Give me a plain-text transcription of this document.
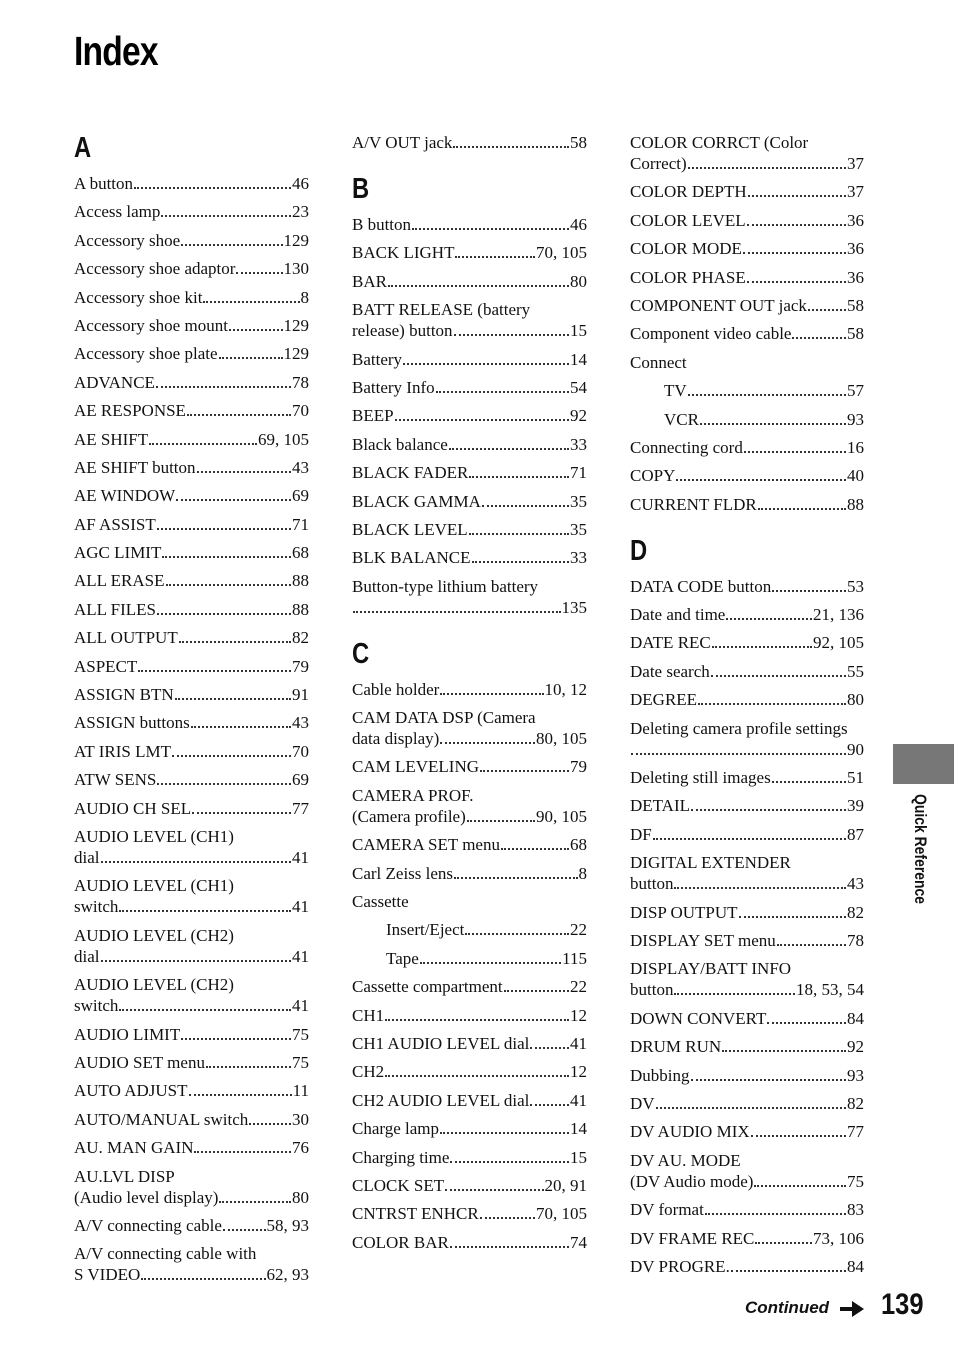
Index
A
A button	46
Access lamp	23
Accessory shoe	129
Accessory shoe adaptor	130
Accessory shoe kit	8
Accessory shoe mount	129
Accessory shoe plate	129
ADVANCE	78
AE RESPONSE	70
AE SHIFT	69, 105
AE SHIFT button	43
AE WINDOW	69
AF ASSIST	71
AGC LIMIT	68
ALL ERASE	88
ALL FILES	88
ALL OUTPUT	82
ASPECT	79
ASSIGN BTN	91
ASSIGN buttons	43
AT IRIS LMT	70
ATW SENS	69
AUDIO CH SEL	77
AUDIO LEVEL (CH1)
dial	41
AUDIO LEVEL (CH1)
switch	41
AUDIO LEVEL (CH2)
dial	41
AUDIO LEVEL (CH2)
switch	41
AUDIO LIMIT	75
AUDIO SET menu	75
AUTO ADJUST	11
AUTO/MANUAL switch	30
AU. MAN GAIN	76
AU.LVL DISP
(Audio level display)	80
A/V connecting cable	58, 93
A/V connecting cable with
S VIDEO	62, 93
A/V OUT jack	58
B
B button	46
BACK LIGHT	70, 105
BAR	80
BATT RELEASE (battery
release) button	15
Battery	14
Battery Info	54
BEEP	92
Black balance	33
BLACK FADER	71
BLACK GAMMA	35
BLACK LEVEL	35
BLK BALANCE	33
Button-type lithium battery
135
C
Cable holder	10, 12
CAM DATA DSP (Camera
data display)	80, 105
CAM LEVELING	79
CAMERA PROF.
(Camera profile)	90, 105
CAMERA SET menu	68
Carl Zeiss lens	8
Cassette
Insert/Eject	22
Tape	115
Cassette compartment	22
CH1	12
CH1 AUDIO LEVEL dial 41
CH2	12
CH2 AUDIO LEVEL dial 41
Charge lamp	14
Charging time	15
CLOCK SET	20, 91
CNTRST ENHCR	70, 105
COLOR BAR	74
COLOR CORRCT (Color
Correct)	37
COLOR DEPTH	37
COLOR LEVEL	36
COLOR MODE	36
COLOR PHASE	36
COMPONENT OUT jack 58
Component video cable	58
Connect
TV	57
VCR	93
Connecting cord	16
COPY	40
CURRENT FLDR	88
D
DATA CODE button	53
Date and time	21, 136
DATE REC	92, 105
Date search	55
DEGREE	80
Deleting camera profile settings
90
Deleting still images	51
DETAIL	39
DF	87
DIGITAL EXTENDER
button	43
DISP OUTPUT	82
DISPLAY SET menu	78
DISPLAY/BATT INFO
button	18, 53, 54
DOWN CONVERT	84
DRUM RUN	92
Dubbing	93
DV	82
DV AUDIO MIX	77
DV AU. MODE
(DV Audio mode)	75
DV format	83
DV FRAME REC	73, 106
DV PROGRE.	84
Quick Reference
Continued 139
